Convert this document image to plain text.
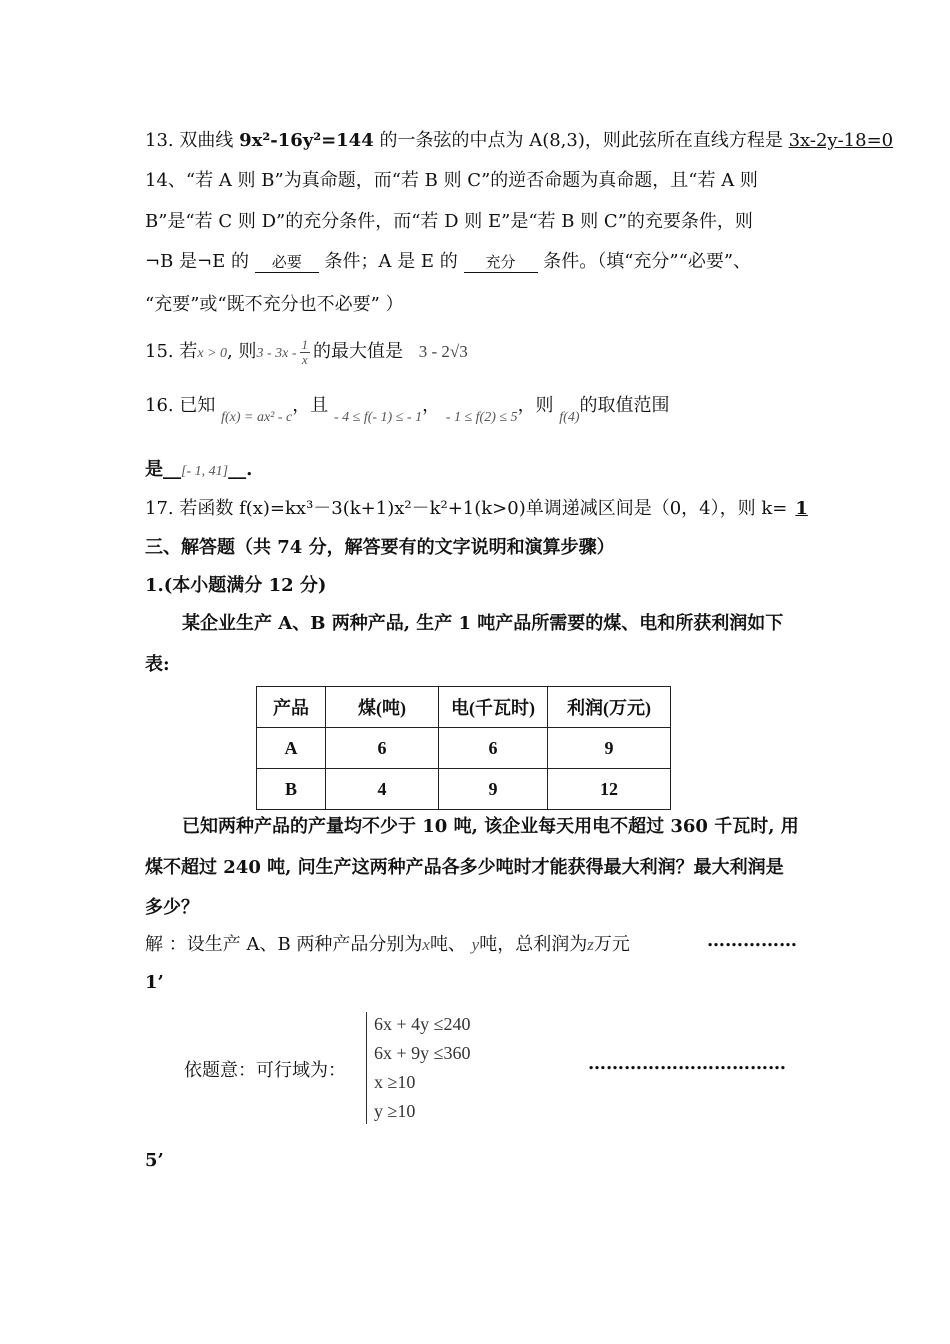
13. 双曲线 9x²-16y²=144 的一条弦的中点为 A(8,3)，则此弦所在直线方程是 3x-2y-18=0
14、“若 A 则 B”为真命题，而“若 B 则 C”的逆否命题为真命题，且“若 A 则
B”是“若 C 则 D”的充分条件，而“若 D 则 E”是“若 B 则 C”的充要条件，则
¬B 是¬E 的 必要 条件；A 是 E 的 充分 条件。（填“充分”“必要”、
“充要”或“既不充分也不必要” ）
15. 若x > 0, 则$3 - 3x - \frac{1}{x}$ 的最大值是 3 - 2√3
16. 已知 $_{f(x) = ax^2 - c}$，且 $_{- 4 \le f(- 1) \le - 1}$， $_{- 1 \le f(2) \le 5}$，则 $_{f(4)}$的取值范围
是__[- 1, 41]__.
17. 若函数 f(x)=kx³－3(k+1)x²－k²+1(k>0)单调递减区间是（0，4），则 k= 1
三、解答题（共 74 分，解答要有的文字说明和演算步骤）
1.(本小题满分 12 分)
某企业生产 A、B 两种产品, 生产 1 吨产品所需要的煤、电和所获利润如下
表:
产品	煤(吨)	电(千瓦时)	利润(万元)
A	6	6	9
B	4	9	12
已知两种产品的产量均不少于 10 吨, 该企业每天用电不超过 360 千瓦时, 用
煤不超过 240 吨, 问生产这两种产品各多少吨时才能获得最大利润？最大利润是
多少？
解 ：设生产 A、B 两种产品分别为x吨、 y吨，总利润为z万元	……………
1’
依题意：可行域为：
6x + 4y ≤240
6x + 9y ≤360
x ≥10
y ≥10
……………………………
5’
